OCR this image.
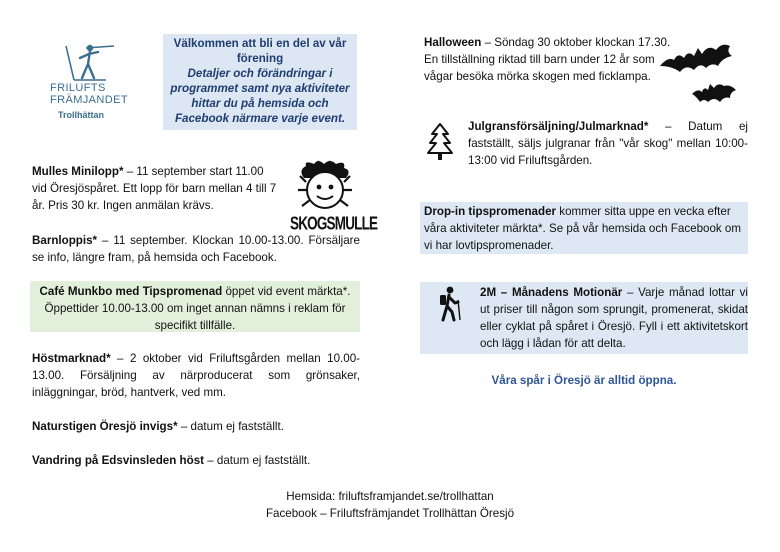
FRILUFTS
FRÄMJANDET
Trollhättan
Välkommen att bli en del av vår förening
Detaljer och förändringar i programmet samt nya aktiviteter hittar du på hemsida och Facebook närmare varje event.

Mulles Minilopp* – 11 september start 11.00 vid Öresjöspåret. Ett lopp för barn mellan 4 till 7 år. Pris 30 kr. Ingen anmälan krävs.

SKOGSMULLE

Barnloppis* – 11 september. Klockan 10.00-13.00. Försäljare se info, längre fram, på hemsida och Facebook.

Café Munkbo med Tipspromenad öppet vid event märkta*. Öppettider 10.00-13.00 om inget annan nämns i reklam för specifikt tillfälle.

Höstmarknad* – 2 oktober vid Friluftsgården mellan 10.00-13.00. Försäljning av närproducerat som grönsaker, inläggningar, bröd, hantverk, ved mm.

Naturstigen Öresjö invigs* – datum ej fastställt.

Vandring på Edsvinsleden höst – datum ej fastställt.

Halloween – Söndag 30 oktober klockan 17.30. En tillställning riktad till barn under 12 år som vågar besöka mörka skogen med ficklampa.

Julgransförsäljning/Julmarknad* – Datum ej fastställt, säljs julgranar från "vår skog" mellan 10:00-13:00 vid Friluftsgården.

Drop-in tipspromenader kommer sitta uppe en vecka efter våra aktiviteter märkta*. Se på vår hemsida och Facebook om vi har lovtipspromenader.

2M – Månadens Motionär – Varje månad lottar vi ut priser till någon som sprungit, promenerat, skidat eller cyklat på spåret i Öresjö. Fyll i ett aktivitetskort och lägg i lådan för att delta.

Våra spår i Öresjö är alltid öppna.

Hemsida: friluftsframjandet.se/trollhattan
Facebook – Friluftsfrämjandet Trollhättan Öresjö
